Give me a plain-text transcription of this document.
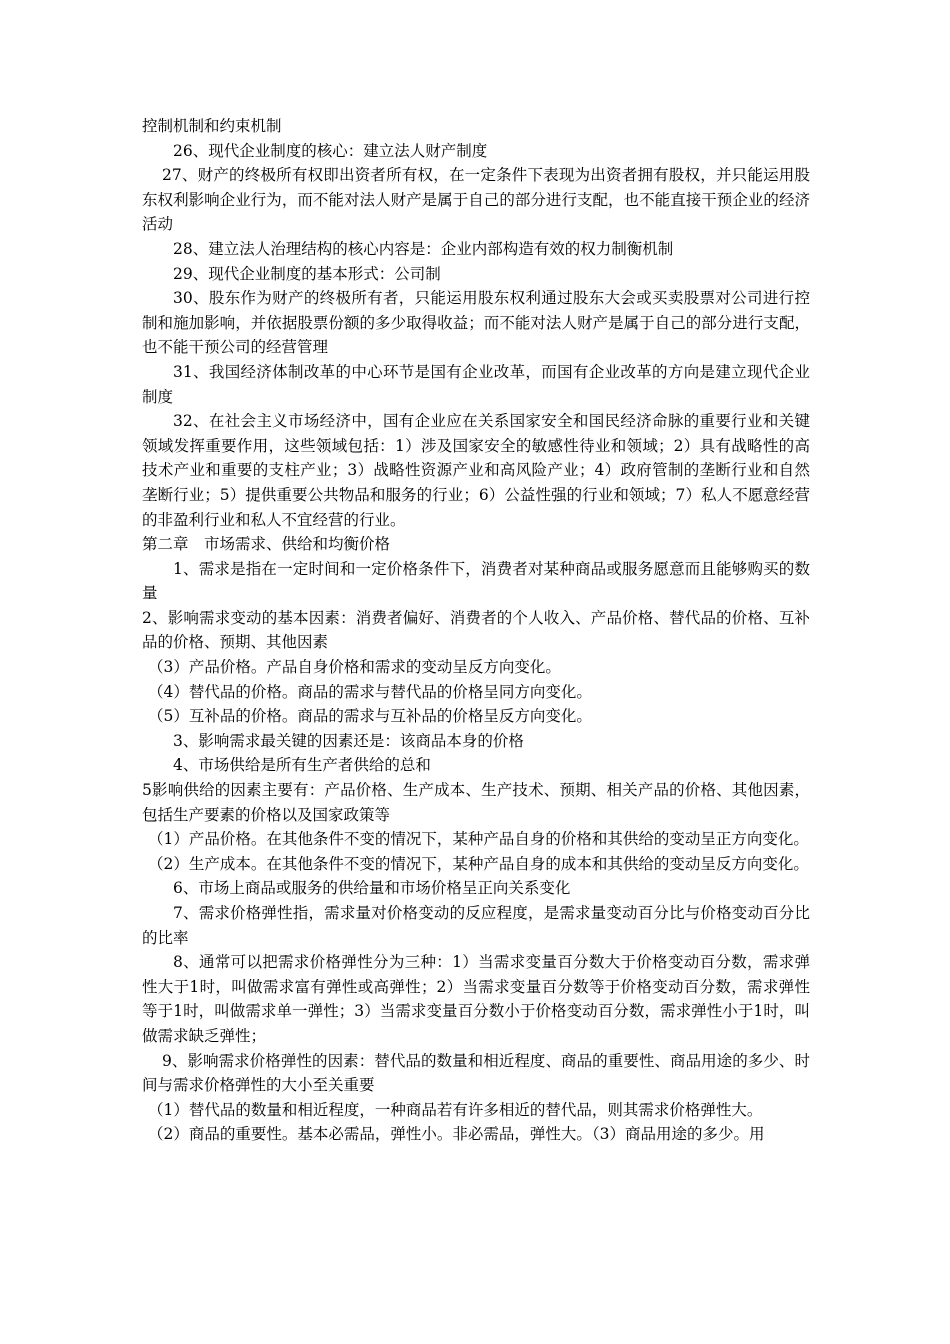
控制机制和约束机制

26、现代企业制度的核心：建立法人财产制度

27、财产的终极所有权即出资者所有权，在一定条件下表现为出资者拥有股权，并只能运用股东权利影响企业行为，而不能对法人财产是属于自己的部分进行支配，也不能直接干预企业的经济活动

28、建立法人治理结构的核心内容是：企业内部构造有效的权力制衡机制

29、现代企业制度的基本形式：公司制

30、股东作为财产的终极所有者，只能运用股东权利通过股东大会或买卖股票对公司进行控制和施加影响，并依据股票份额的多少取得收益；而不能对法人财产是属于自己的部分进行支配，也不能干预公司的经营管理

31、我国经济体制改革的中心环节是国有企业改革，而国有企业改革的方向是建立现代企业制度

32、在社会主义市场经济中，国有企业应在关系国家安全和国民经济命脉的重要行业和关键领域发挥重要作用，这些领域包括：1）涉及国家安全的敏感性待业和领域；2）具有战略性的高技术产业和重要的支柱产业；3）战略性资源产业和高风险产业；4）政府管制的垄断行业和自然垄断行业；5）提供重要公共物品和服务的行业；6）公益性强的行业和领域；7）私人不愿意经营的非盈利行业和私人不宜经营的行业。

第二章　市场需求、供给和均衡价格

1、需求是指在一定时间和一定价格条件下，消费者对某种商品或服务愿意而且能够购买的数量

2、影响需求变动的基本因素：消费者偏好、消费者的个人收入、产品价格、替代品的价格、互补品的价格、预期、其他因素

（3）产品价格。产品自身价格和需求的变动呈反方向变化。

（4）替代品的价格。商品的需求与替代品的价格呈同方向变化。

（5）互补品的价格。商品的需求与互补品的价格呈反方向变化。

3、影响需求最关键的因素还是：该商品本身的价格

4、市场供给是所有生产者供给的总和

5影响供给的因素主要有：产品价格、生产成本、生产技术、预期、相关产品的价格、其他因素，包括生产要素的价格以及国家政策等

（1）产品价格。在其他条件不变的情况下，某种产品自身的价格和其供给的变动呈正方向变化。

（2）生产成本。在其他条件不变的情况下，某种产品自身的成本和其供给的变动呈反方向变化。

6、市场上商品或服务的供给量和市场价格呈正向关系变化

7、需求价格弹性指，需求量对价格变动的反应程度，是需求量变动百分比与价格变动百分比的比率

8、通常可以把需求价格弹性分为三种：1）当需求变量百分数大于价格变动百分数，需求弹性大于1时，叫做需求富有弹性或高弹性；2）当需求变量百分数等于价格变动百分数，需求弹性等于1时，叫做需求单一弹性；3）当需求变量百分数小于价格变动百分数，需求弹性小于1时，叫做需求缺乏弹性；

9、影响需求价格弹性的因素：替代品的数量和相近程度、商品的重要性、商品用途的多少、时间与需求价格弹性的大小至关重要

（1）替代品的数量和相近程度，一种商品若有许多相近的替代品，则其需求价格弹性大。

（2）商品的重要性。基本必需品，弹性小。非必需品，弹性大。（3）商品用途的多少。用
